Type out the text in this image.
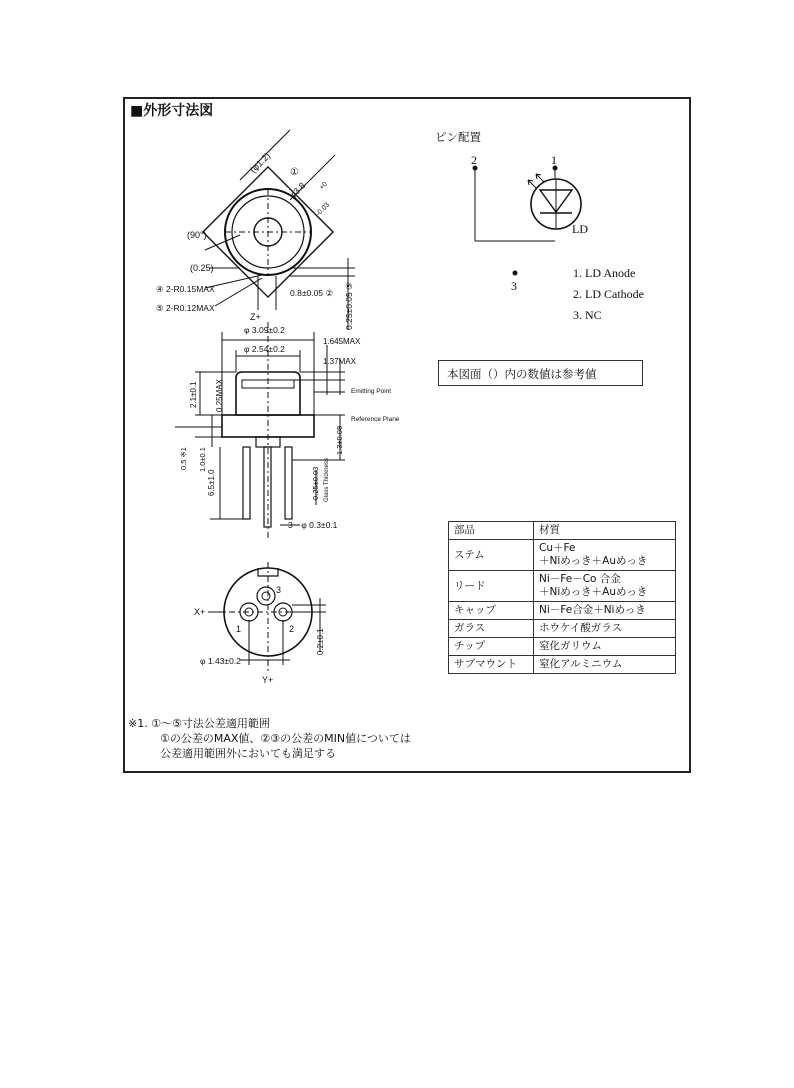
■外形寸法図
(φ1.2) ①
φ3.8 +0
-0.03
(90°)
(0.25)
④ 2-R0.15MAX
⑤ 2-R0.12MAX
0.8±0.05 ② 0.25±0.05 ③
Z+
φ 3.09±0.2
φ 2.54±0.2
1.645MAX
1.37MAX
Emitting Point
Reference Plane
2.1±0.1 0.25MAX
0.5 ※1 1.0±0.1
6.5±1.0
1.3±0.08
0.25±0.03 Glass Thickness
3－φ 0.3±0.1
3
1	2
X+
Y+
φ 1.43±0.2
0.2±0.1
ピン配置
2	1
LD
3
1. LD Anode
2. LD Cathode
3. NC
本図面（）内の数値は参考値
部品	材質
ステム	Cu＋Fe
＋Niめっき＋Auめっき

リード	Ni－Fe－Co 合金
＋Niめっき＋Auめっき

キャップ	Ni－Fe合金＋Niめっき
ガラス	ホウケイ酸ガラス
チップ	窒化ガリウム
サブマウント	窒化アルミニウム
※1. ①～⑤寸法公差適用範囲
①の公差のMAX値、②③の公差のMIN値については
公差適用範囲外においても満足する
